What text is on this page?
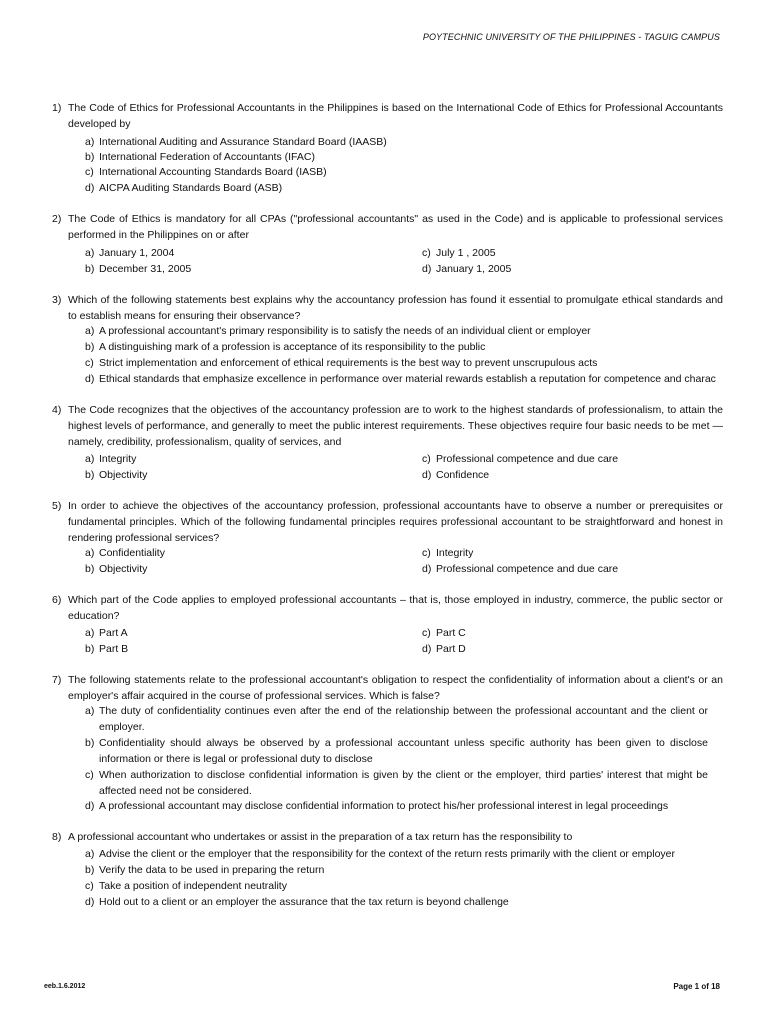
POYTECHNIC UNIVERSITY OF THE PHILIPPINES - TAGUIG CAMPUS
1) The Code of Ethics for Professional Accountants in the Philippines is based on the International Code of Ethics for Professional Accountants developed by
a) International Auditing and Assurance Standard Board (IAASB)
b) International Federation of Accountants (IFAC)
c) International Accounting Standards Board (IASB)
d) AICPA Auditing Standards Board (ASB)
2) The Code of Ethics is mandatory for all CPAs ("professional accountants" as used in the Code) and is applicable to professional services performed in the Philippines on or after
a) January 1, 2004
b) December 31, 2005
c) July 1 , 2005
d) January 1, 2005
3) Which of the following statements best explains why the accountancy profession has found it essential to promulgate ethical standards and to establish means for ensuring their observance?
a) A professional accountant's primary responsibility is to satisfy the needs of an individual client or employer
b) A distinguishing mark of a profession is acceptance of its responsibility to the public
c) Strict implementation and enforcement of ethical requirements is the best way to prevent unscrupulous acts
d) Ethical standards that emphasize excellence in performance over material rewards establish a reputation for competence and charac
4) The Code recognizes that the objectives of the accountancy profession are to work to the highest standards of professionalism, to attain the highest levels of performance, and generally to meet the public interest requirements. These objectives require four basic needs to be met — namely, credibility, professionalism, quality of services, and
a) Integrity
b) Objectivity
c) Professional competence and due care
d) Confidence
5) In order to achieve the objectives of the accountancy profession, professional accountants have to observe a number or prerequisites or fundamental principles. Which of the following fundamental principles requires professional accountant to be straightforward and honest in rendering professional services?
a) Confidentiality
b) Objectivity
c) Integrity
d) Professional competence and due care
6) Which part of the Code applies to employed professional accountants – that is, those employed in industry, commerce, the public sector or education?
a) Part A
b) Part B
c) Part C
d) Part D
7) The following statements relate to the professional accountant's obligation to respect the confidentiality of information about a client's or an employer's affair acquired in the course of professional services. Which is false?
a) The duty of confidentiality continues even after the end of the relationship between the professional accountant and the client or employer.
b) Confidentiality should always be observed by a professional accountant unless specific authority has been given to disclose information or there is legal or professional duty to disclose
c) When authorization to disclose confidential information is given by the client or the employer, third parties' interest that might be affected need not be considered.
d) A professional accountant may disclose confidential information to protect his/her professional interest in legal proceedings
8) A professional accountant who undertakes or assist in the preparation of a tax return has the responsibility to
a) Advise the client or the employer that the responsibility for the context of the return rests primarily with the client or employer
b) Verify the data to be used in preparing the return
c) Take a position of independent neutrality
d) Hold out to a client or an employer the assurance that the tax return is beyond challenge
eeb.1.6.2012	Page 1 of 18
